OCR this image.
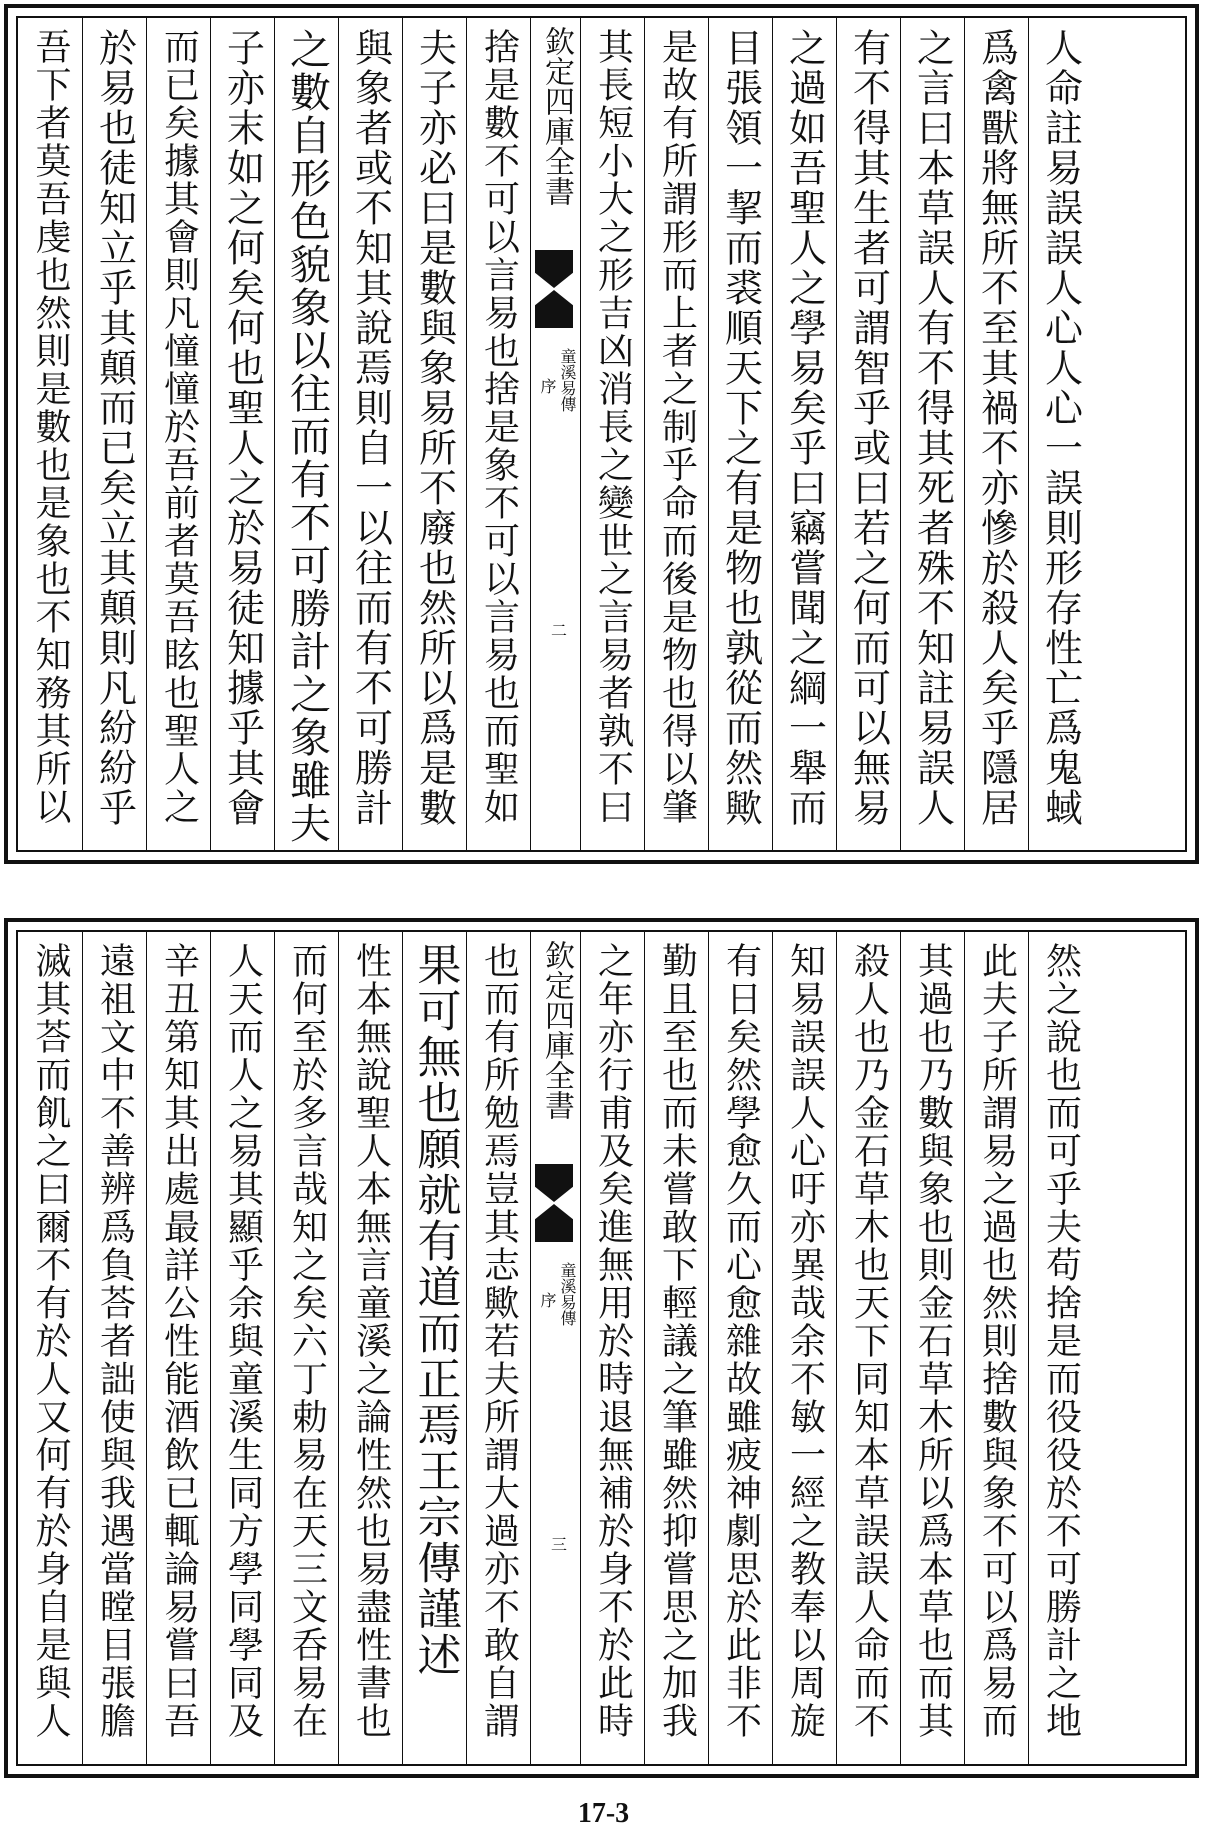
吾下者莫吾虔也然則是數也是象也不知務其所以 於易也徒知立乎其顛而已矣立其顛則凡紛紛乎 而已矣據其會則凡憧憧於吾前者莫吾眩也聖人之 子亦末如之何矣何也聖人之於易徒知據乎其會 之數自形色貌象以往而有不可勝計之象雖夫 與象者或不知其說焉則自一以往而有不可勝計 夫子亦必曰是數與象易所不廢也然所以爲是數 捨是數不可以言易也捨是象不可以言易也而聖如 欽定四庫全書
童溪易傳
序
二 其長短小大之形吉凶消長之變世之言易者孰不曰 是故有所謂形而上者之制乎命而後是物也得以肇 目張領一挈而裘順天下之有是物也孰從而然歟 之過如吾聖人之學易矣乎曰竊嘗聞之綱一舉而 有不得其生者可謂智乎或曰若之何而可以無易 之言曰本草誤人有不得其死者殊不知註易誤人 爲禽獸將無所不至其禍不亦慘於殺人矣乎隱居 人命註易誤誤人心人心一誤則形存性亡爲鬼蜮
滅其荅而飢之曰爾不有於人又何有於身自是與人 遠祖文中不善辨爲負荅者詘使與我遇當瞠目張膽 辛丑第知其出處最詳公性能酒飲已輒論易嘗曰吾 人天而人之易其顯乎余與童溪生同方學同學同及 而何至於多言哉知之矣六丁勅易在天三文呑易在 性本無說聖人本無言童溪之論性然也易盡性書也 果可無也願就有道而正焉王宗傳謹述 也而有所勉焉豈其志歟若夫所謂大過亦不敢自謂 欽定四庫全書
童溪易傳
序
三 之年亦行甫及矣進無用於時退無補於身不於此時 勤且至也而未嘗敢下輕議之筆雖然抑嘗思之加我 有日矣然學愈久而心愈雜故雖疲神劇思於此非不 知易誤誤人心吁亦異哉余不敏一經之教奉以周旋 殺人也乃金石草木也天下同知本草誤誤人命而不 其過也乃數與象也則金石草木所以爲本草也而其 此夫子所謂易之過也然則捨數與象不可以爲易而 然之說也而可乎夫苟捨是而役役於不可勝計之地
17-3
